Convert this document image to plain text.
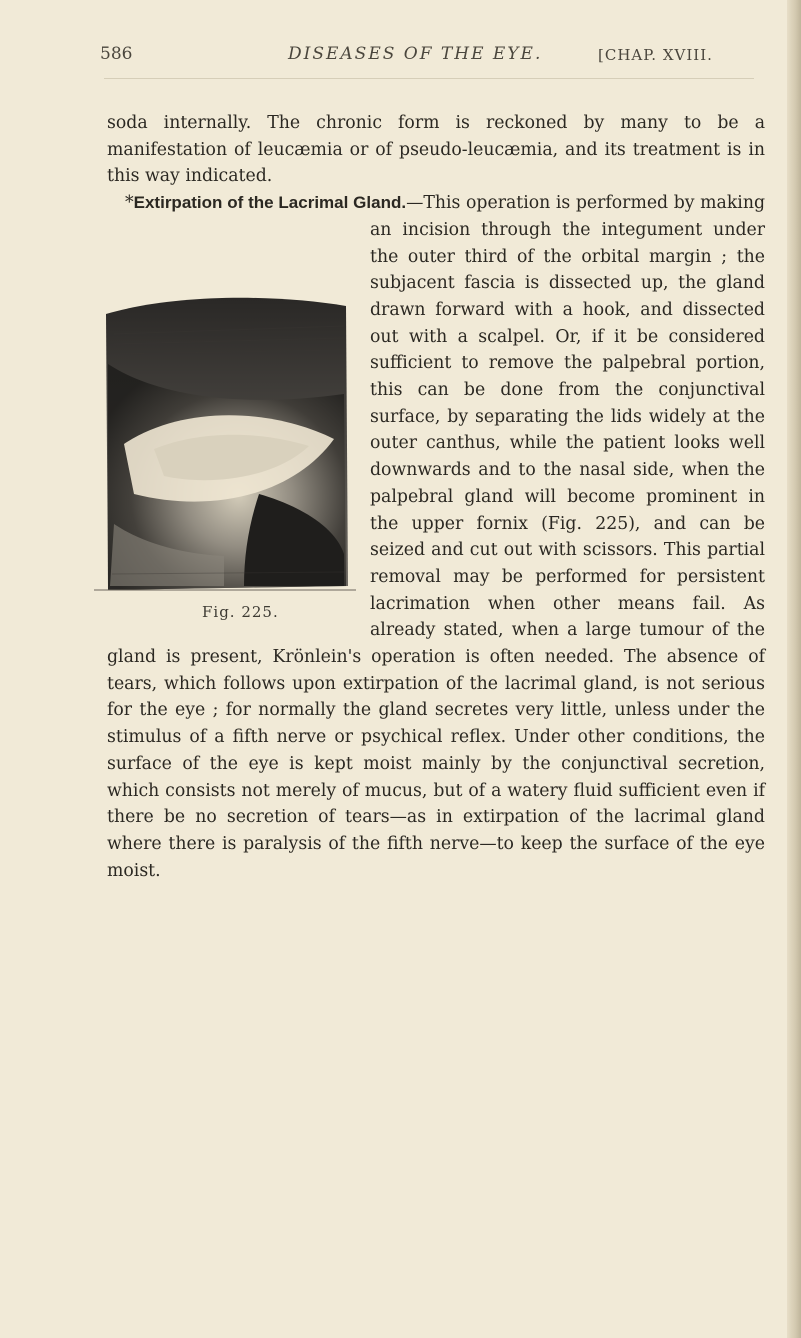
586	DISEASES OF THE EYE.	[CHAP. XVIII.

soda internally. The chronic form is reckoned by many to be a manifestation of leucæmia or of pseudo-leucæmia, and its treatment is in this way indicated.

*Extirpation of the Lacrimal Gland.
Fig. 225.
—This operation is performed by making an incision through the integument under the outer third of the orbital margin ; the subjacent fascia is dissected up, the gland drawn forward with a hook, and dissected out with a scalpel. Or, if it be considered sufficient to remove the palpebral portion, this can be done from the conjunctival surface, by separating the lids widely at the outer canthus, while the patient looks well downwards and to the nasal side, when the palpebral gland will become prominent in the upper fornix (Fig. 225), and can be seized and cut out with scissors. This partial removal may be performed for persistent lacrimation when other means fail. As already stated, when a large tumour of the gland is present, Krönlein's operation is often needed. The absence of tears, which follows upon extirpation of the lacrimal gland, is not serious for the eye ; for normally the gland secretes very little, unless under the stimulus of a fifth nerve or psychical reflex. Under other conditions, the surface of the eye is kept moist mainly by the conjunctival secretion, which consists not merely of mucus, but of a watery fluid sufficient even if there be no secretion of tears—as in extirpation of the lacrimal gland where there is paralysis of the fifth nerve—to keep the surface of the eye moist.
